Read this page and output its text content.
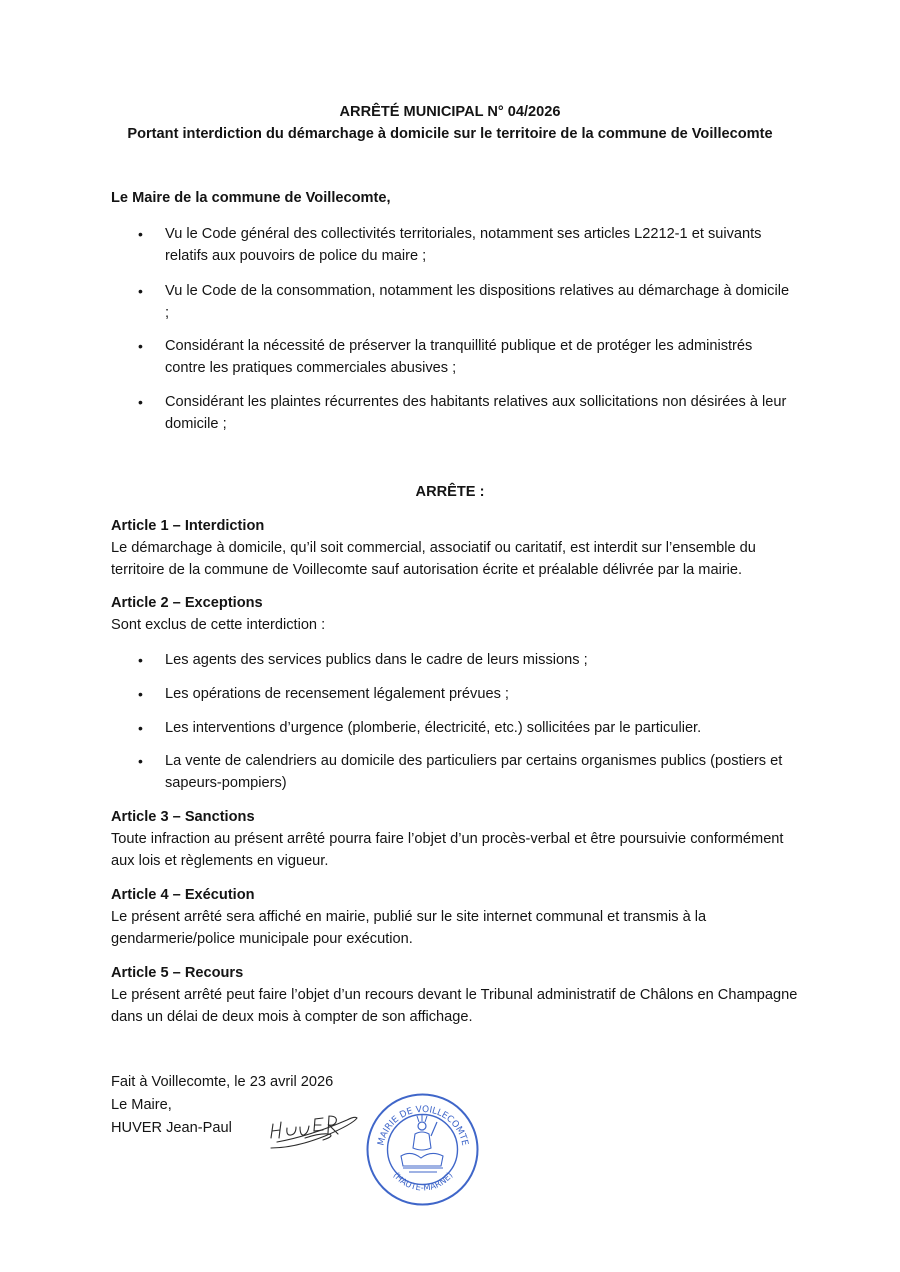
ARRÊTÉ MUNICIPAL N° 04/2026
Portant interdiction du démarchage à domicile sur le territoire de la commune de Voillecomte
Le Maire de la commune de Voillecomte,
• Vu le Code général des collectivités territoriales, notamment ses articles L2212-1 et suivants relatifs aux pouvoirs de police du maire ;
• Vu le Code de la consommation, notamment les dispositions relatives au démarchage à domicile ;
• Considérant la nécessité de préserver la tranquillité publique et de protéger les administrés contre les pratiques commerciales abusives ;
• Considérant les plaintes récurrentes des habitants relatives aux sollicitations non désirées à leur domicile ;
ARRÊTE :
Article 1 – Interdiction
Le démarchage à domicile, qu’il soit commercial, associatif ou caritatif, est interdit sur l’ensemble du territoire de la commune de Voillecomte sauf autorisation écrite et préalable délivrée par la mairie.
Article 2 – Exceptions
Sont exclus de cette interdiction :
• Les agents des services publics dans le cadre de leurs missions ;
• Les opérations de recensement légalement prévues ;
• Les interventions d’urgence (plomberie, électricité, etc.) sollicitées par le particulier.
• La vente de calendriers au domicile des particuliers par certains organismes publics (postiers et sapeurs-pompiers)
Article 3 – Sanctions
Toute infraction au présent arrêté pourra faire l’objet d’un procès-verbal et être poursuivie conformément aux lois et règlements en vigueur.
Article 4 – Exécution
Le présent arrêté sera affiché en mairie, publié sur le site internet communal et transmis à la gendarmerie/police municipale pour exécution.
Article 5 – Recours
Le présent arrêté peut faire l’objet d’un recours devant le Tribunal administratif de Châlons en Champagne dans un délai de deux mois à compter de son affichage.
Fait à Voillecomte, le 23 avril 2026
Le Maire,
HUVER Jean-Paul
MAIRIE DE VOILLECOMTE
(HAUTE-MARNE)
